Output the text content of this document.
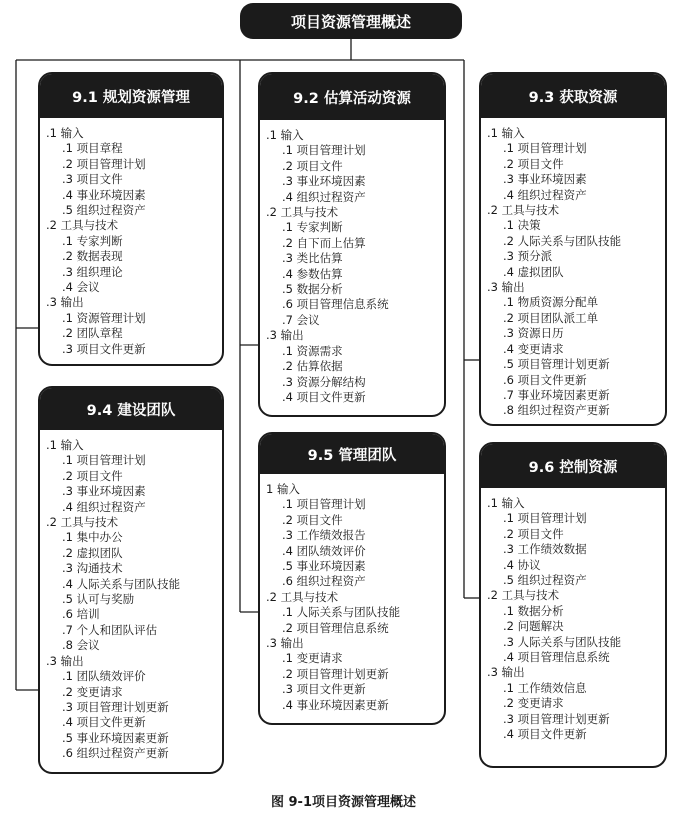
项目资源管理概述
9.1 规划资源管理
.1 输入
.1 项目章程
.2 项目管理计划
.3 项目文件
.4 事业环境因素
.5 组织过程资产
.2 工具与技术
.1 专家判断
.2 数据表现
.3 组织理论
.4 会议
.3 输出
.1 资源管理计划
.2 团队章程
.3 项目文件更新
9.2 估算活动资源
.1 输入
.1 项目管理计划
.2 项目文件
.3 事业环境因素
.4 组织过程资产
.2 工具与技术
.1 专家判断
.2 自下而上估算
.3 类比估算
.4 参数估算
.5 数据分析
.6 项目管理信息系统
.7 会议
.3 输出
.1 资源需求
.2 估算依据
.3 资源分解结构
.4 项目文件更新
9.3 获取资源
.1 输入
.1 项目管理计划
.2 项目文件
.3 事业环境因素
.4 组织过程资产
.2 工具与技术
.1 决策
.2 人际关系与团队技能
.3 预分派
.4 虚拟团队
.3 输出
.1 物质资源分配单
.2 项目团队派工单
.3 资源日历
.4 变更请求
.5 项目管理计划更新
.6 项目文件更新
.7 事业环境因素更新
.8 组织过程资产更新
9.4 建设团队
.1 输入
.1 项目管理计划
.2 项目文件
.3 事业环境因素
.4 组织过程资产
.2 工具与技术
.1 集中办公
.2 虚拟团队
.3 沟通技术
.4 人际关系与团队技能
.5 认可与奖励
.6 培训
.7 个人和团队评估
.8 会议
.3 输出
.1 团队绩效评价
.2 变更请求
.3 项目管理计划更新
.4 项目文件更新
.5 事业环境因素更新
.6 组织过程资产更新
9.5 管理团队
1 输入
.1 项目管理计划
.2 项目文件
.3 工作绩效报告
.4 团队绩效评价
.5 事业环境因素
.6 组织过程资产
.2 工具与技术
.1 人际关系与团队技能
.2 项目管理信息系统
.3 输出
.1 变更请求
.2 项目管理计划更新
.3 项目文件更新
.4 事业环境因素更新
9.6 控制资源
.1 输入
.1 项目管理计划
.2 项目文件
.3 工作绩效数据
.4 协议
.5 组织过程资产
.2 工具与技术
.1 数据分析
.2 问题解决
.3 人际关系与团队技能
.4 项目管理信息系统
.3 输出
.1 工作绩效信息
.2 变更请求
.3 项目管理计划更新
.4 项目文件更新
图 9-1项目资源管理概述
